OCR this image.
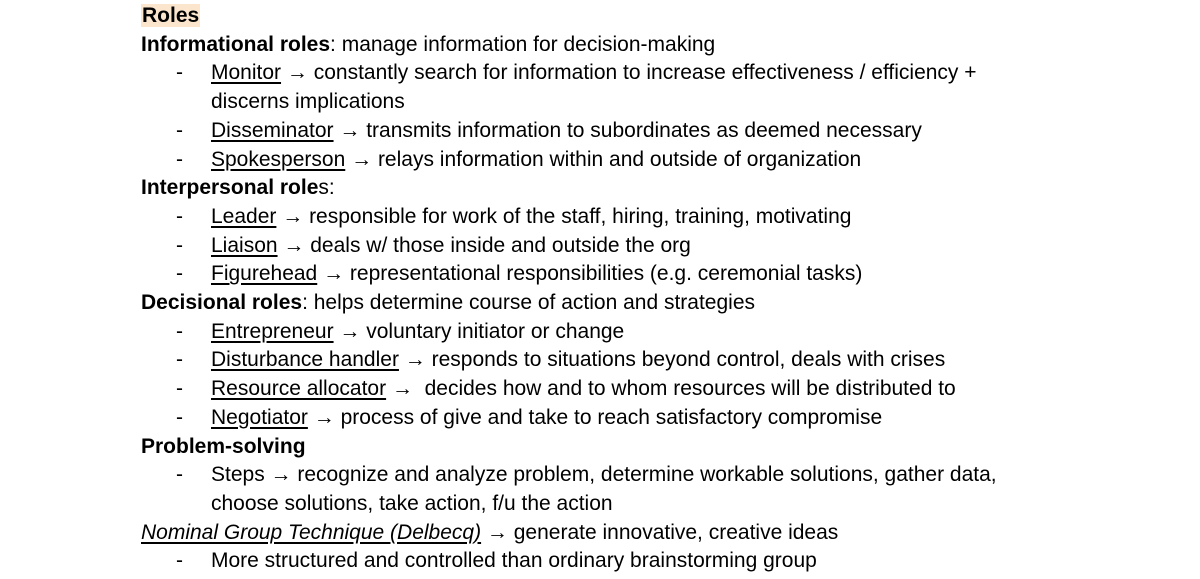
Roles
Informational roles: manage information for decision-making
- Monitor → constantly search for information to increase effectiveness / efficiency +
discerns implications
- Disseminator → transmits information to subordinates as deemed necessary
- Spokesperson → relays information within and outside of organization
Interpersonal roles:
- Leader → responsible for work of the staff, hiring, training, motivating
- Liaison → deals w/ those inside and outside the org
- Figurehead → representational responsibilities (e.g. ceremonial tasks)
Decisional roles: helps determine course of action and strategies
- Entrepreneur → voluntary initiator or change
- Disturbance handler → responds to situations beyond control, deals with crises
- Resource allocator →  decides how and to whom resources will be distributed to
- Negotiator → process of give and take to reach satisfactory compromise
Problem-solving
- Steps → recognize and analyze problem, determine workable solutions, gather data,
choose solutions, take action, f/u the action
Nominal Group Technique (Delbecq) → generate innovative, creative ideas
- More structured and controlled than ordinary brainstorming group
